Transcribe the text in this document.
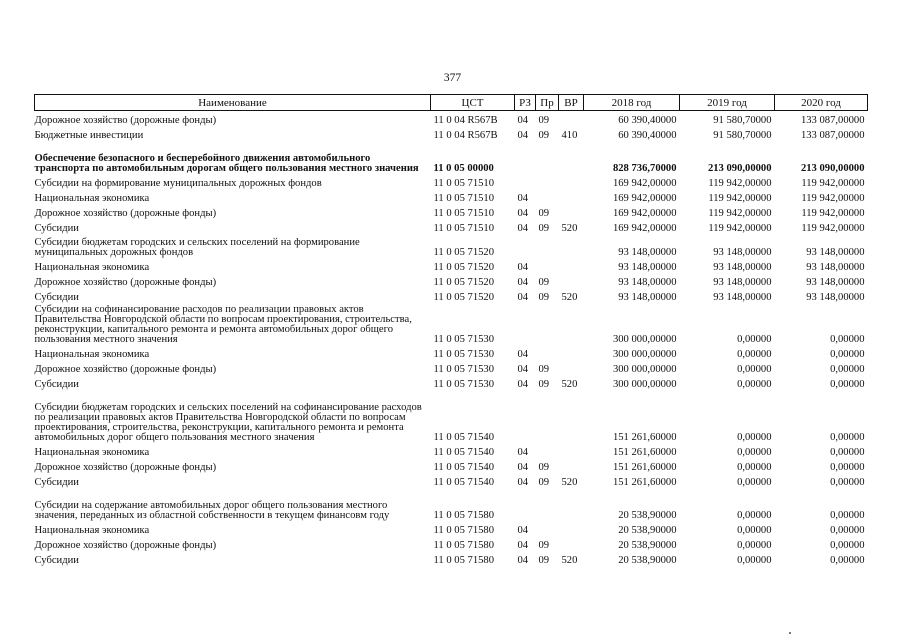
377
Наименование	ЦСТ	РЗ	Пр	ВР	2018 год	2019 год	2020 год
Дорожное хозяйство (дорожные фонды)	11 0 04 R567B	04	09		60 390,40000	91 580,70000	133 087,00000
Бюджетные инвестиции	11 0 04 R567B	04	09	410	60 390,40000	91 580,70000	133 087,00000
Обеспечение безопасного и бесперебойного движения автомобильного транспорта по автомобильным дорогам общего пользования местного значения	11 0 05 00000				828 736,70000	213 090,00000	213 090,00000
Субсидии на формирование муниципальных дорожных фондов	11 0 05 71510				169 942,00000	119 942,00000	119 942,00000
Национальная экономика	11 0 05 71510	04			169 942,00000	119 942,00000	119 942,00000
Дорожное хозяйство (дорожные фонды)	11 0 05 71510	04	09		169 942,00000	119 942,00000	119 942,00000
Субсидии	11 0 05 71510	04	09	520	169 942,00000	119 942,00000	119 942,00000
Субсидии бюджетам городских и сельских поселений на формирование муниципальных дорожных фондов	11 0 05 71520				93 148,00000	93 148,00000	93 148,00000
Национальная экономика	11 0 05 71520	04			93 148,00000	93 148,00000	93 148,00000
Дорожное хозяйство (дорожные фонды)	11 0 05 71520	04	09		93 148,00000	93 148,00000	93 148,00000
Субсидии	11 0 05 71520	04	09	520	93 148,00000	93 148,00000	93 148,00000
Субсидии на софинансирование расходов по реализации правовых актов Правительства Новгородской области по вопросам проектирования, строительства, реконструкции, капитального ремонта и ремонта автомобильных дорог общего пользования местного значения	11 0 05 71530				300 000,00000	0,00000	0,00000
Национальная экономика	11 0 05 71530	04			300 000,00000	0,00000	0,00000
Дорожное хозяйство (дорожные фонды)	11 0 05 71530	04	09		300 000,00000	0,00000	0,00000
Субсидии	11 0 05 71530	04	09	520	300 000,00000	0,00000	0,00000
Субсидии бюджетам городских и сельских поселений на софинансирование расходов по реализации правовых актов Правительства Новгородской области по вопросам проектирования, строительства, реконструкции, капитального ремонта и ремонта автомобильных дорог общего пользования местного значения	11 0 05 71540				151 261,60000	0,00000	0,00000
Национальная экономика	11 0 05 71540	04			151 261,60000	0,00000	0,00000
Дорожное хозяйство (дорожные фонды)	11 0 05 71540	04	09		151 261,60000	0,00000	0,00000
Субсидии	11 0 05 71540	04	09	520	151 261,60000	0,00000	0,00000
Субсидии на содержание автомобильных дорог общего пользования местного значения, переданных из областной собственности в текущем финансовм году	11 0 05 71580				20 538,90000	0,00000	0,00000
Национальная экономика	11 0 05 71580	04			20 538,90000	0,00000	0,00000
Дорожное хозяйство (дорожные фонды)	11 0 05 71580	04	09		20 538,90000	0,00000	0,00000
Субсидии	11 0 05 71580	04	09	520	20 538,90000	0,00000	0,00000
